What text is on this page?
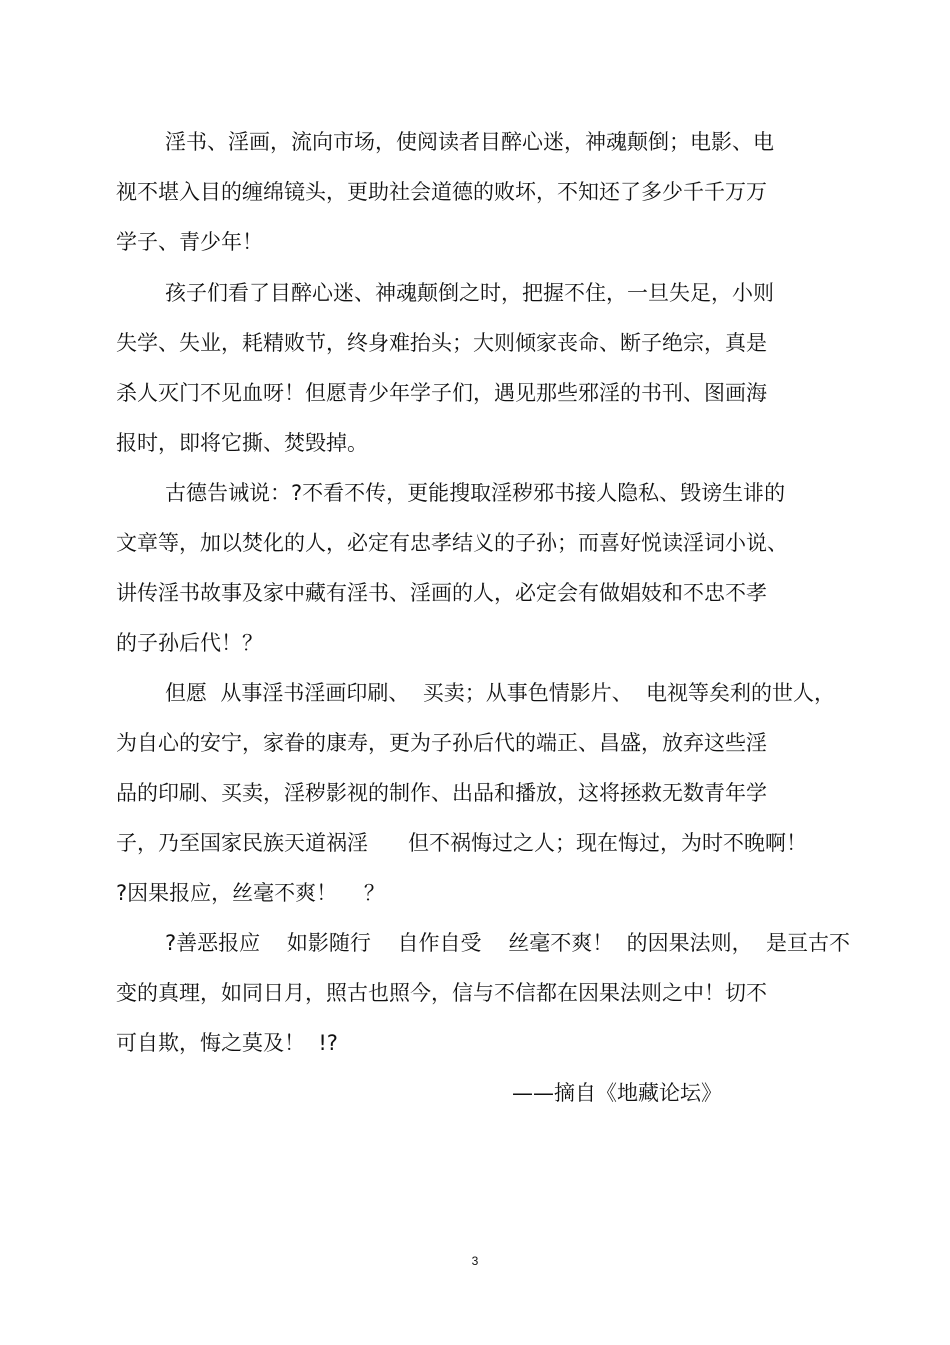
淫书、淫画，流向市场，使阅读者目醉心迷，神魂颠倒；电影、电
视不堪入目的缠绵镜头，更助社会道德的败坏，不知还了多少千千万万
学子、青少年！
孩子们看了目醉心迷、神魂颠倒之时，把握不住，一旦失足，小则
失学、失业，耗精败节，终身难抬头；大则倾家丧命、断子绝宗，真是
杀人灭门不见血呀！但愿青少年学子们，遇见那些邪淫的书刊、图画海
报时，即将它撕、焚毁掉。
古德告诫说：?不看不传，更能搜取淫秽邪书接人隐私、毁谤生诽的
文章等，加以焚化的人，必定有忠孝结义的子孙；而喜好悦读淫词小说、
讲传淫书故事及家中藏有淫书、淫画的人，必定会有做娼妓和不忠不孝
的子孙后代！？
但愿  从事淫书淫画印刷、  买卖；从事色情影片、  电视等矣利的世人，
为自心的安宁，家眷的康寿，更为子孙后代的端正、昌盛，放弃这些淫
品的印刷、买卖，淫秽影视的制作、出品和播放，这将拯救无数青年学
子，乃至国家民族天道祸淫      但不祸悔过之人；现在悔过，为时不晚啊！
?因果报应，丝毫不爽！    ？
?善恶报应    如影随行    自作自受    丝毫不爽！  的因果法则，  是亘古不
变的真理，如同日月，照古也照今，信与不信都在因果法则之中！切不
可自欺，悔之莫及！  !?
——摘自《地藏论坛》
3
